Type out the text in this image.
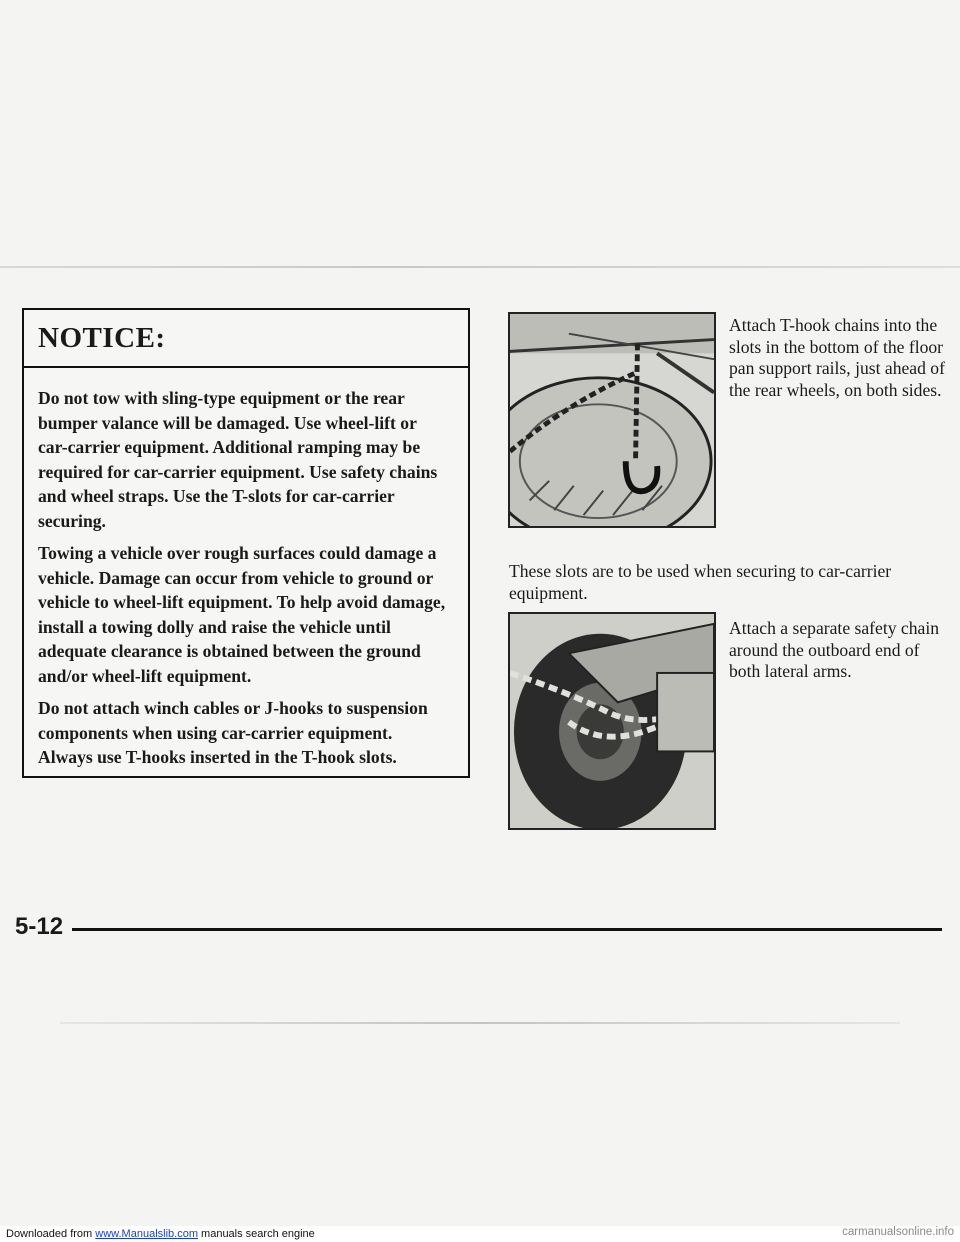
NOTICE:

Do not tow with sling-type equipment or the rear bumper valance will be damaged. Use wheel-lift or car-carrier equipment. Additional ramping may be required for car-carrier equipment. Use safety chains and wheel straps. Use the T-slots for car-carrier securing.

Towing a vehicle over rough surfaces could damage a vehicle. Damage can occur from vehicle to ground or vehicle to wheel-lift equipment. To help avoid damage, install a towing dolly and raise the vehicle until adequate clearance is obtained between the ground and/or wheel-lift equipment.

Do not attach winch cables or J-hooks to suspension components when using car-carrier equipment. Always use T-hooks inserted in the T-hook slots.

Attach T-hook chains into the slots in the bottom of the floor pan support rails, just ahead of the rear wheels, on both sides.
These slots are to be used when securing to car-carrier equipment.
Attach a separate safety chain around the outboard end of both lateral arms.
5-12
Downloaded from www.Manualslib.com manuals search engine	carmanualsonline.info
